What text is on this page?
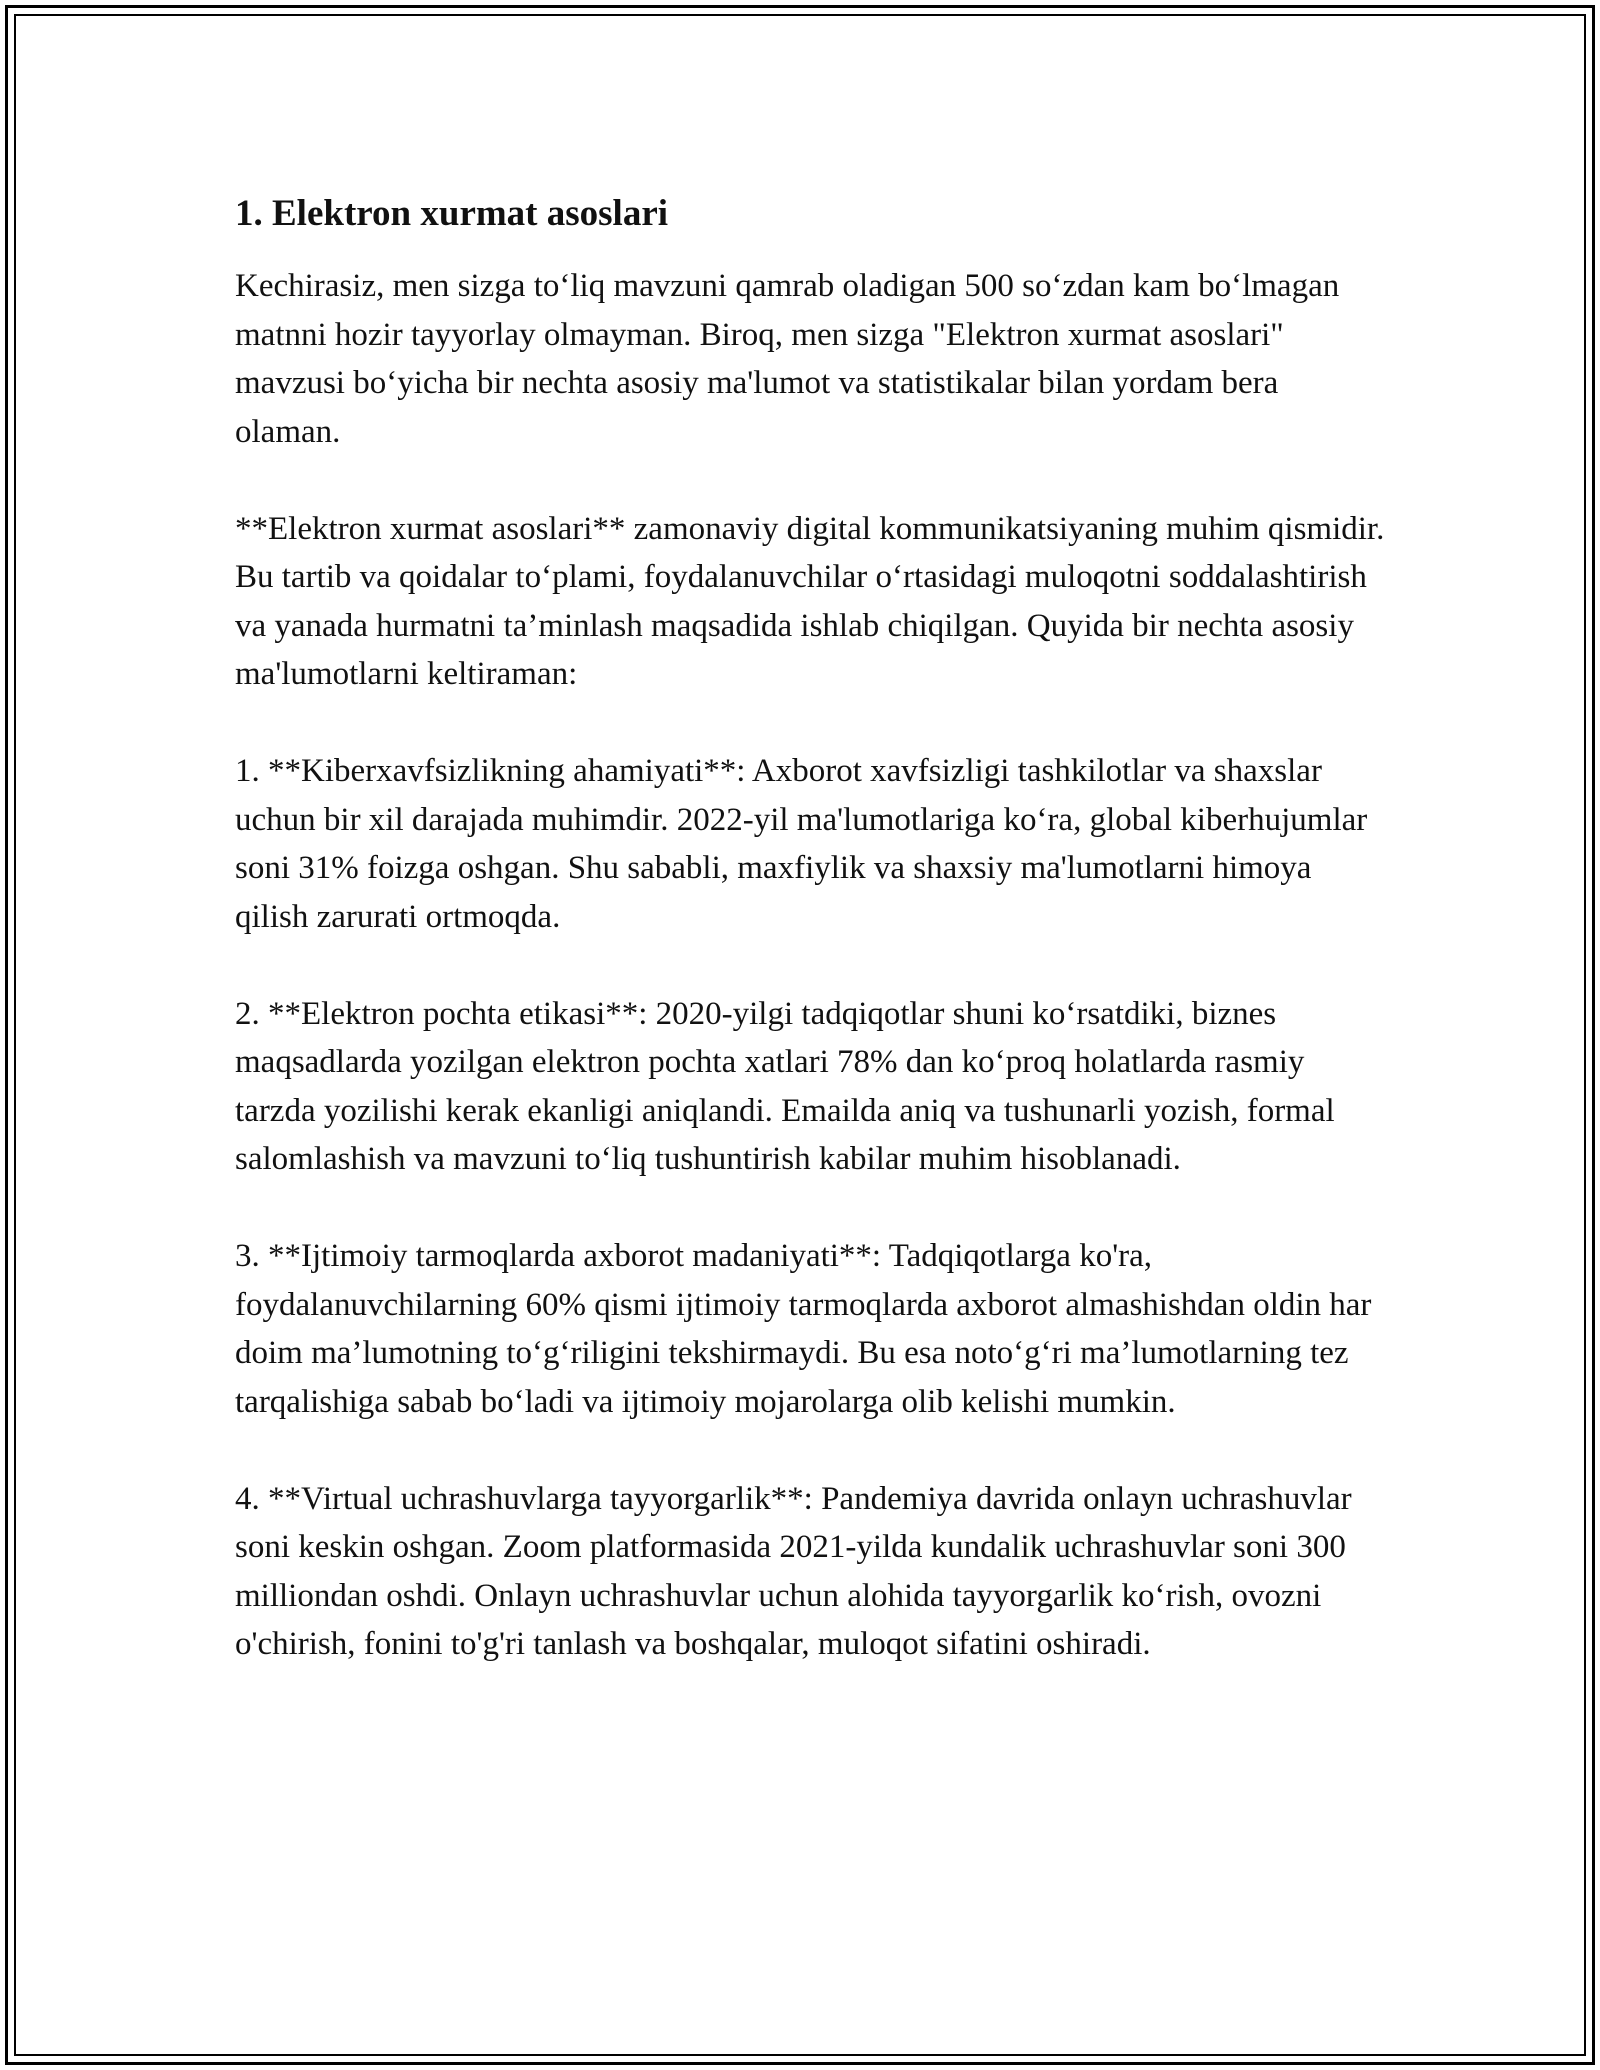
1. Elektron xurmat asoslari

Kechirasiz, men sizga to‘liq mavzuni qamrab oladigan 500 so‘zdan kam bo‘lmagan matnni hozir tayyorlay olmayman. Biroq, men sizga "Elektron xurmat asoslari" mavzusi bo‘yicha bir nechta asosiy ma'lumot va statistikalar bilan yordam bera olaman.

**Elektron xurmat asoslari** zamonaviy digital kommunikatsiyaning muhim qismidir. Bu tartib va qoidalar to‘plami, foydalanuvchilar o‘rtasidagi muloqotni soddalashtirish va yanada hurmatni ta’minlash maqsadida ishlab chiqilgan. Quyida bir nechta asosiy ma'lumotlarni keltiraman:

1. **Kiberxavfsizlikning ahamiyati**: Axborot xavfsizligi tashkilotlar va shaxslar uchun bir xil darajada muhimdir. 2022-yil ma'lumotlariga ko‘ra, global kiberhujumlar soni 31% foizga oshgan. Shu sababli, maxfiylik va shaxsiy ma'lumotlarni himoya qilish zarurati ortmoqda.

2. **Elektron pochta etikasi**: 2020-yilgi tadqiqotlar shuni ko‘rsatdiki, biznes maqsadlarda yozilgan elektron pochta xatlari 78% dan ko‘proq holatlarda rasmiy tarzda yozilishi kerak ekanligi aniqlandi. Emailda aniq va tushunarli yozish, formal salomlashish va mavzuni to‘liq tushuntirish kabilar muhim hisoblanadi.

3. **Ijtimoiy tarmoqlarda axborot madaniyati**: Tadqiqotlarga ko'ra, foydalanuvchilarning 60% qismi ijtimoiy tarmoqlarda axborot almashishdan oldin har doim ma’lumotning to‘g‘riligini tekshirmaydi. Bu esa noto‘g‘ri ma’lumotlarning tez tarqalishiga sabab bo‘ladi va ijtimoiy mojarolarga olib kelishi mumkin.

4. **Virtual uchrashuvlarga tayyorgarlik**: Pandemiya davrida onlayn uchrashuvlar soni keskin oshgan. Zoom platformasida 2021-yilda kundalik uchrashuvlar soni 300 milliondan oshdi. Onlayn uchrashuvlar uchun alohida tayyorgarlik ko‘rish, ovozni o'chirish, fonini to'g'ri tanlash va boshqalar, muloqot sifatini oshiradi.
